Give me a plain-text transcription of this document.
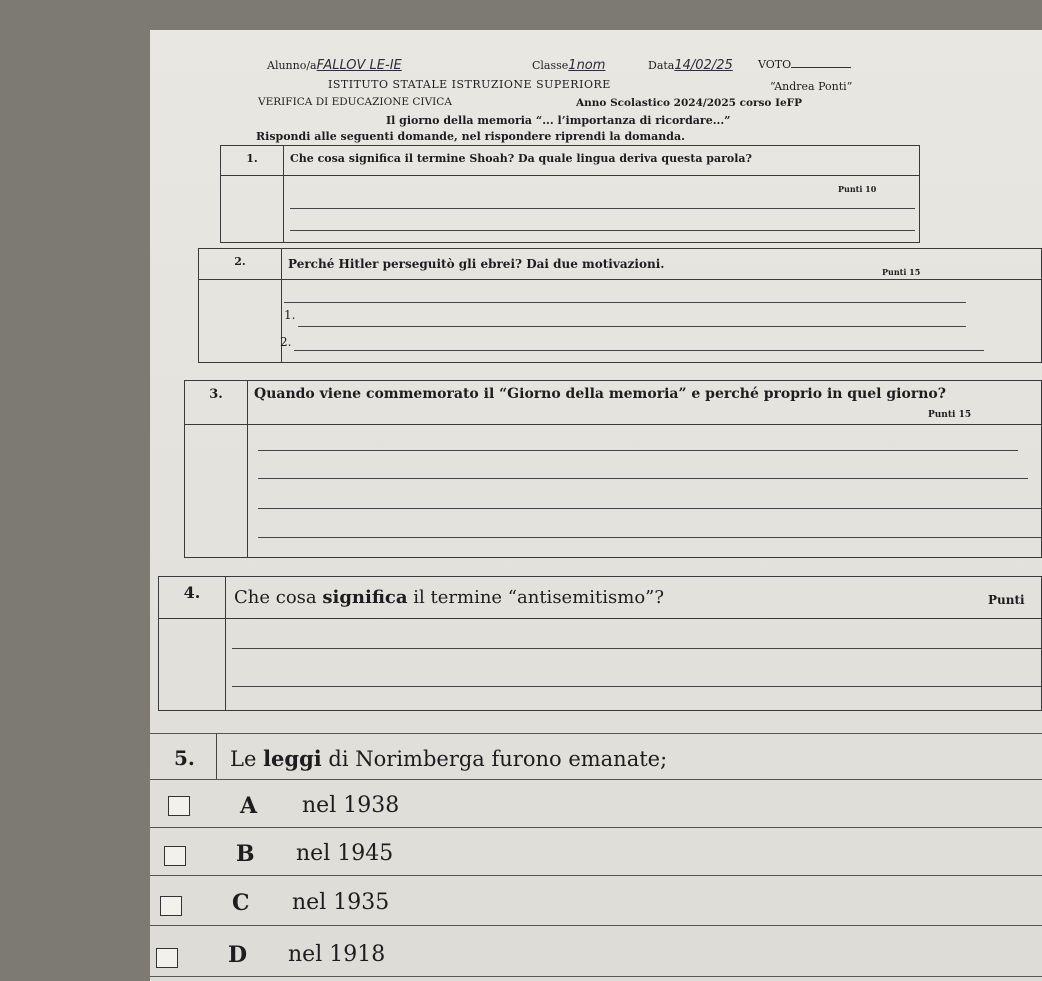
Alunno/aFALLOV LE-IE	Classe1nom	Data14/02/25 VOTO
ISTITUTO STATALE ISTRUZIONE SUPERIORE	“Andrea Ponti”
VERIFICA DI EDUCAZIONE CIVICA	Anno Scolastico 2024/2025 corso IeFP
Il giorno della memoria “... l’importanza di ricordare...”
Rispondi alle seguenti domande, nel rispondere riprendi la domanda.
1.	Che cosa significa il termine Shoah? Da quale lingua deriva questa parola?

Punti 10
2.	Perché Hitler perseguitò gli ebrei? Dai due motivazioni.

Punti 15
1.
2.
3.	Quando viene commemorato il “Giorno della memoria” e perché proprio in quel giorno?

Punti 15
4.	Che cosa significa il termine “antisemitismo”?
		Punti
5. Le leggi di Norimberga furono emanate;
A nel 1938
B nel 1945
C nel 1935
D nel 1918
